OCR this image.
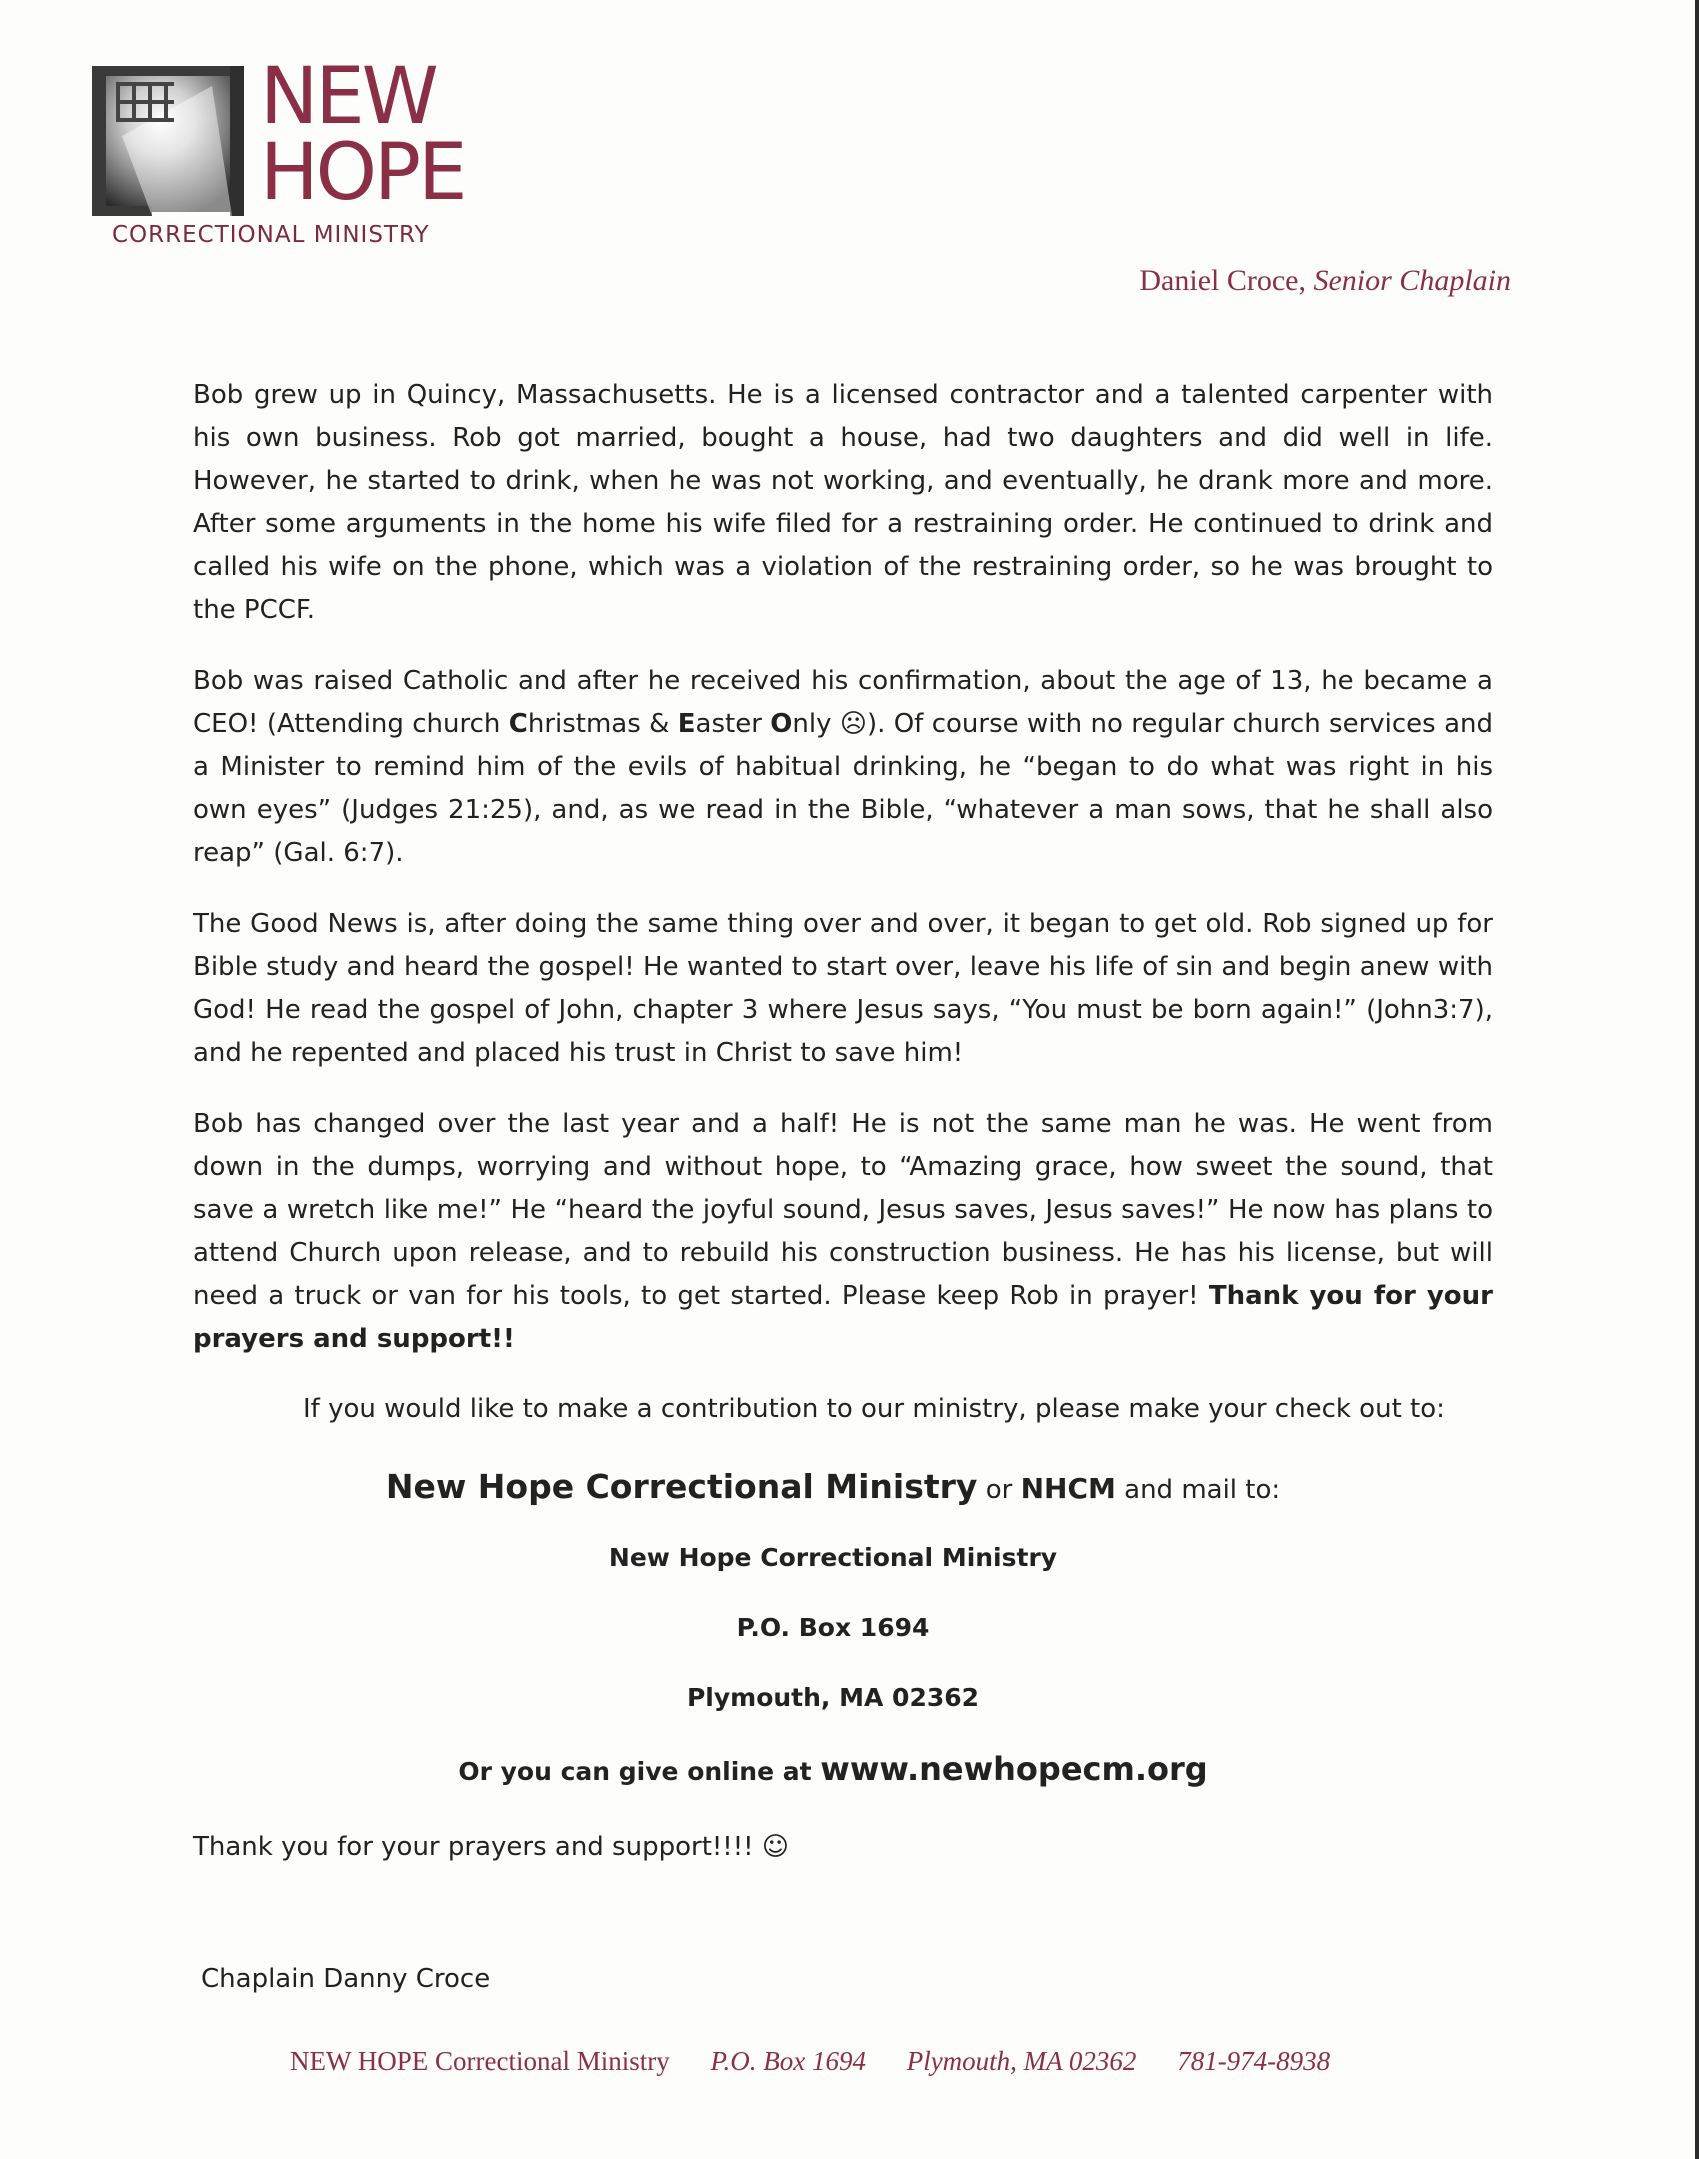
NEW
HOPE
CORRECTIONAL MINISTRY
Daniel Croce, Senior Chaplain

Bob grew up in Quincy, Massachusetts. He is a licensed contractor and a talented carpenter with his own business. Rob got married, bought a house, had two daughters and did well in life. However, he started to drink, when he was not working, and eventually, he drank more and more. After some arguments in the home his wife filed for a restraining order. He continued to drink and called his wife on the phone, which was a violation of the restraining order, so he was brought to the PCCF.

Bob was raised Catholic and after he received his confirmation, about the age of 13, he became a CEO! (Attending church Christmas & Easter Only ☹). Of course with no regular church services and a Minister to remind him of the evils of habitual drinking, he “began to do what was right in his own eyes” (Judges 21:25), and, as we read in the Bible, “whatever a man sows, that he shall also reap” (Gal. 6:7).

The Good News is, after doing the same thing over and over, it began to get old. Rob signed up for Bible study and heard the gospel! He wanted to start over, leave his life of sin and begin anew with God! He read the gospel of John, chapter 3 where Jesus says, “You must be born again!” (John3:7), and he repented and placed his trust in Christ to save him!

Bob has changed over the last year and a half! He is not the same man he was. He went from down in the dumps, worrying and without hope, to “Amazing grace, how sweet the sound, that save a wretch like me!” He “heard the joyful sound, Jesus saves, Jesus saves!” He now has plans to attend Church upon release, and to rebuild his construction business. He has his license, but will need a truck or van for his tools, to get started. Please keep Rob in prayer! Thank you for your prayers and support!!

If you would like to make a contribution to our ministry, please make your check out to:
New Hope Correctional Ministry or NHCM and mail to:
New Hope Correctional Ministry
P.O. Box 1694
Plymouth, MA 02362
Or you can give online at www.newhopecm.org
Thank you for your prayers and support!!!! ☺
Chaplain Danny Croce
NEW HOPE Correctional Ministry P.O. Box 1694 Plymouth, MA 02362 781-974-8938
